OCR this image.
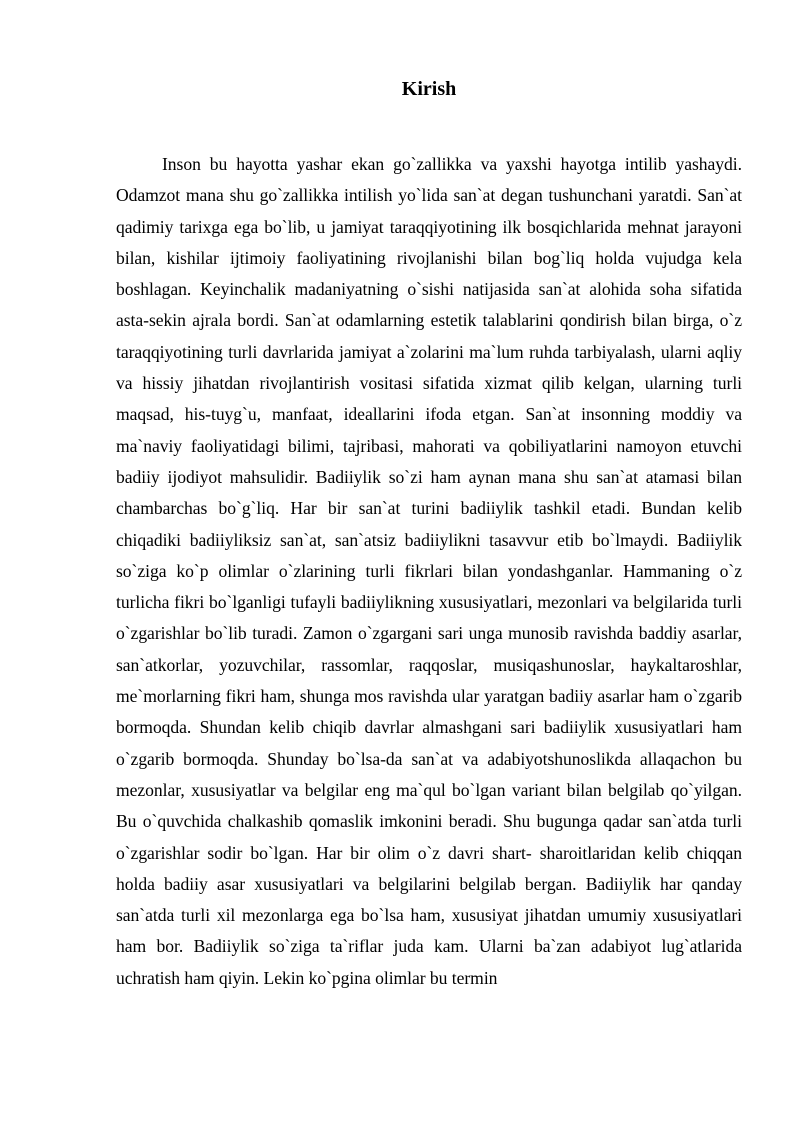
Kirish

Inson bu hayotta yashar ekan go`zallikka va yaxshi hayotga intilib yashaydi. Odamzot mana shu go`zallikka intilish yo`lida san`at degan tushunchani yaratdi. San`at qadimiy tarixga ega bo`lib, u jamiyat taraqqiyotining ilk bosqichlarida mehnat jarayoni bilan, kishilar ijtimoiy faoliyatining rivojlanishi bilan bog`liq holda vujudga kela boshlagan. Keyinchalik madaniyatning o`sishi natijasida san`at alohida soha sifatida asta-sekin ajrala bordi. San`at odamlarning estetik talablarini qondirish bilan birga, o`z taraqqiyotining turli davrlarida jamiyat a`zolarini ma`lum ruhda tarbiyalash, ularni aqliy va hissiy jihatdan rivojlantirish vositasi sifatida xizmat qilib kelgan, ularning turli maqsad, his-tuyg`u, manfaat, ideallarini ifoda etgan. San`at insonning moddiy va ma`naviy faoliyatidagi bilimi, tajribasi, mahorati va qobiliyatlarini namoyon etuvchi badiiy ijodiyot mahsulidir. Badiiylik so`zi ham aynan mana shu san`at atamasi bilan chambarchas bo`g`liq. Har bir san`at turini badiiylik tashkil etadi. Bundan kelib chiqadiki badiiyliksiz san`at, san`atsiz badiiylikni tasavvur etib bo`lmaydi. Badiiylik so`ziga ko`p olimlar o`zlarining turli fikrlari bilan yondashganlar. Hammaning o`z turlicha fikri bo`lganligi tufayli badiiylikning xususiyatlari, mezonlari va belgilarida turli o`zgarishlar bo`lib turadi. Zamon o`zgargani sari unga munosib ravishda baddiy asarlar, san`atkorlar, yozuvchilar, rassomlar, raqqoslar, musiqashunoslar, haykaltaroshlar, me`morlarning fikri ham, shunga mos ravishda ular yaratgan badiiy asarlar ham o`zgarib bormoqda. Shundan kelib chiqib davrlar almashgani sari badiiylik xususiyatlari ham o`zgarib bormoqda. Shunday bo`lsa-da san`at va adabiyotshunoslikda allaqachon bu mezonlar, xususiyatlar va belgilar eng ma`qul bo`lgan variant bilan belgilab qo`yilgan. Bu o`quvchida chalkashib qomaslik imkonini beradi. Shu bugunga qadar san`atda turli o`zgarishlar sodir bo`lgan. Har bir olim o`z davri shart- sharoitlaridan kelib chiqqan holda badiiy asar xususiyatlari va belgilarini belgilab bergan. Badiiylik har qanday san`atda turli xil mezonlarga ega bo`lsa ham, xususiyat jihatdan umumiy xususiyatlari ham bor. Badiiylik so`ziga ta`riflar juda kam. Ularni ba`zan adabiyot lug`atlarida uchratish ham qiyin. Lekin ko`pgina olimlar bu termin
